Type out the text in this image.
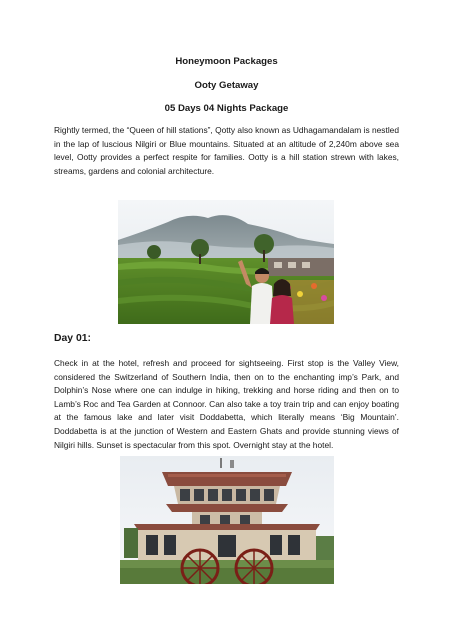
Honeymoon Packages
Ooty Getaway
05 Days 04 Nights Package
Rightly termed, the “Queen of hill stations”, Qotty also known as Udhagamandalam is nestled in the lap of luscious Nilgiri or Blue mountains. Situated at an altitude of 2,240m above sea level, Ootty provides a perfect respite for families. Ootty is a hill station strewn with lakes, streams, gardens and colonial architecture.
Day 01:
Check in at the hotel, refresh and proceed for sightseeing. First stop is the Valley View, considered the Switzerland of Southern India, then on to the enchanting imp’s Park, and Dolphin’s Nose where one can indulge in hiking, trekking and horse riding and then on to Lamb’s Roc and Tea Garden at Connoor. Can also take a toy train trip and can enjoy boating at the famous lake and later visit Doddabetta, which literally means ‘Big Mountain’. Doddabetta is at the junction of Western and Eastern Ghats and provide stunning views of Nilgiri hills. Sunset is spectacular from this spot. Overnight stay at the hotel.
